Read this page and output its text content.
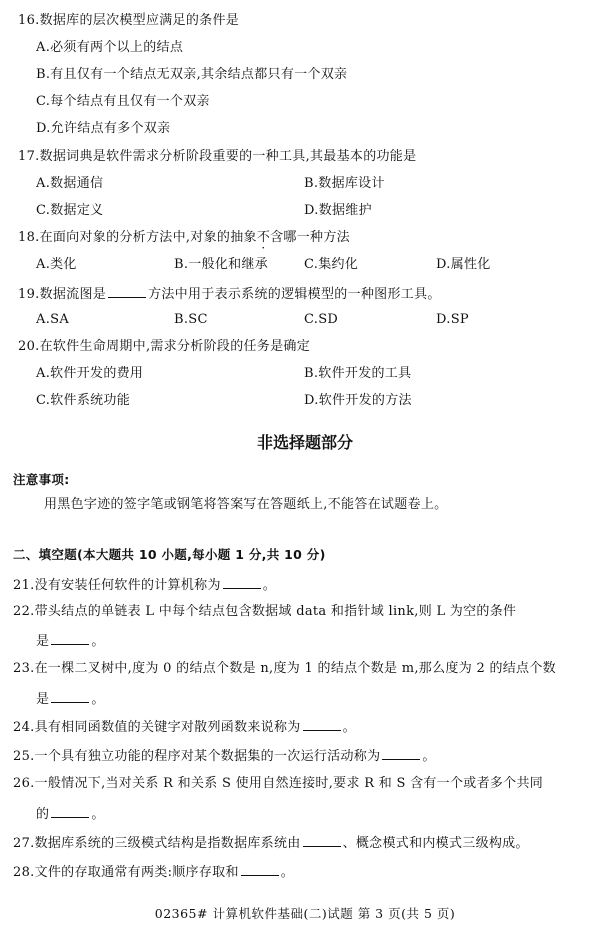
16.数据库的层次模型应满足的条件是
A.必须有两个以上的结点
B.有且仅有一个结点无双亲,其余结点都只有一个双亲
C.每个结点有且仅有一个双亲
D.允许结点有多个双亲
17.数据词典是软件需求分析阶段重要的一种工具,其最基本的功能是
A.数据通信	B.数据库设计
C.数据定义	D.数据维护
18.在面向对象的分析方法中,对象的抽象不含哪一种方法
A.类化	B.一般化和继承	C.集约化	D.属性化
19.数据流图是	方法中用于表示系统的逻辑模型的一种图形工具。
A.SA	B.SC	C.SD	D.SP
20.在软件生命周期中,需求分析阶段的任务是确定
A.软件开发的费用	B.软件开发的工具
C.软件系统功能	D.软件开发的方法
非选择题部分
注意事项:
用黑色字迹的签字笔或钢笔将答案写在答题纸上,不能答在试题卷上。
二、填空题(本大题共 10 小题,每小题 1 分,共 10 分)
21.没有安装任何软件的计算机称为	。
22.带头结点的单链表 L 中每个结点包含数据域 data 和指针域 link,则 L 为空的条件
是	。
23.在一棵二叉树中,度为 0 的结点个数是 n,度为 1 的结点个数是 m,那么度为 2 的结点个数
是	。
24.具有相同函数值的关键字对散列函数来说称为	。
25.一个具有独立功能的程序对某个数据集的一次运行活动称为	。
26.一般情况下,当对关系 R 和关系 S 使用自然连接时,要求 R 和 S 含有一个或者多个共同
的	。
27.数据库系统的三级模式结构是指数据库系统由	、概念模式和内模式三级构成。
28.文件的存取通常有两类:顺序存取和	。
02365# 计算机软件基础(二)试题 第 3 页(共 5 页)
